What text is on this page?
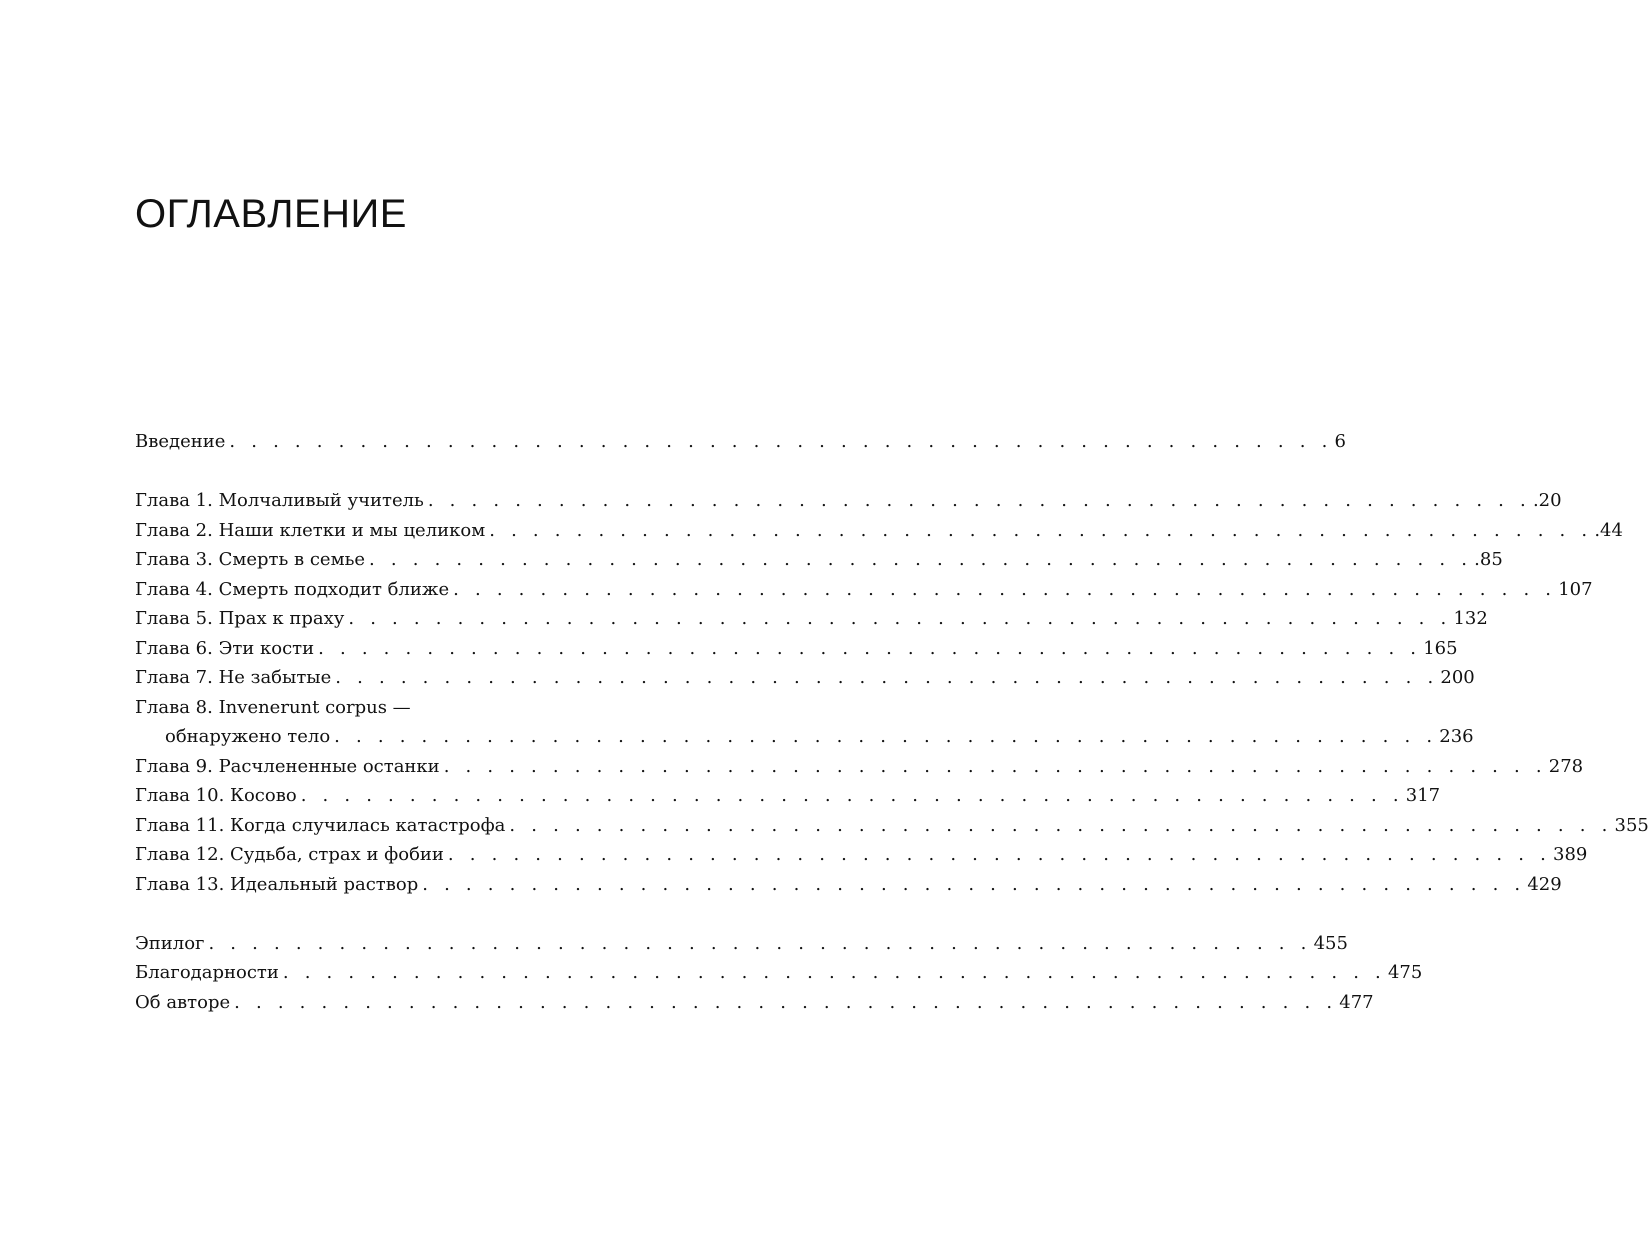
ОГЛАВЛЕНИЕ
Введение . . . . . . . . . . . . . . . . . . . . . . . . . . . . . . . . . . . . . . . . . . . . . . . . . . . 6
Глава 1. Молчаливый учитель . . . . . . . . . . . . . . . . . . . . . . . . . . . . . . . . . . . . . . . . . . . . . . . . . . . .20
Глава 2. Наши клетки и мы целиком . . . . . . . . . . . . . . . . . . . . . . . . . . . . . . . . . . . . . . . . . . . . . . . . . . . .44
Глава 3. Смерть в семье . . . . . . . . . . . . . . . . . . . . . . . . . . . . . . . . . . . . . . . . . . . . . . . . . . . .85
Глава 4. Смерть подходит ближе . . . . . . . . . . . . . . . . . . . . . . . . . . . . . . . . . . . . . . . . . . . . . . . . . . . 107
Глава 5. Прах к праху . . . . . . . . . . . . . . . . . . . . . . . . . . . . . . . . . . . . . . . . . . . . . . . . . . . 132
Глава 6. Эти кости . . . . . . . . . . . . . . . . . . . . . . . . . . . . . . . . . . . . . . . . . . . . . . . . . . . 165
Глава 7. Не забытые . . . . . . . . . . . . . . . . . . . . . . . . . . . . . . . . . . . . . . . . . . . . . . . . . . . 200
Глава 8. Invenerunt corpus —
обнаружено тело . . . . . . . . . . . . . . . . . . . . . . . . . . . . . . . . . . . . . . . . . . . . . . . . . . . 236
Глава 9. Расчлененные останки . . . . . . . . . . . . . . . . . . . . . . . . . . . . . . . . . . . . . . . . . . . . . . . . . . . 278
Глава 10. Косово . . . . . . . . . . . . . . . . . . . . . . . . . . . . . . . . . . . . . . . . . . . . . . . . . . . 317
Глава 11. Когда случилась катастрофа . . . . . . . . . . . . . . . . . . . . . . . . . . . . . . . . . . . . . . . . . . . . . . . . . . . 355
Глава 12. Судьба, страх и фобии . . . . . . . . . . . . . . . . . . . . . . . . . . . . . . . . . . . . . . . . . . . . . . . . . . . 389
Глава 13. Идеальный раствор . . . . . . . . . . . . . . . . . . . . . . . . . . . . . . . . . . . . . . . . . . . . . . . . . . . 429
Эпилог . . . . . . . . . . . . . . . . . . . . . . . . . . . . . . . . . . . . . . . . . . . . . . . . . . . 455
Благодарности . . . . . . . . . . . . . . . . . . . . . . . . . . . . . . . . . . . . . . . . . . . . . . . . . . . 475
Об авторе . . . . . . . . . . . . . . . . . . . . . . . . . . . . . . . . . . . . . . . . . . . . . . . . . . . 477
